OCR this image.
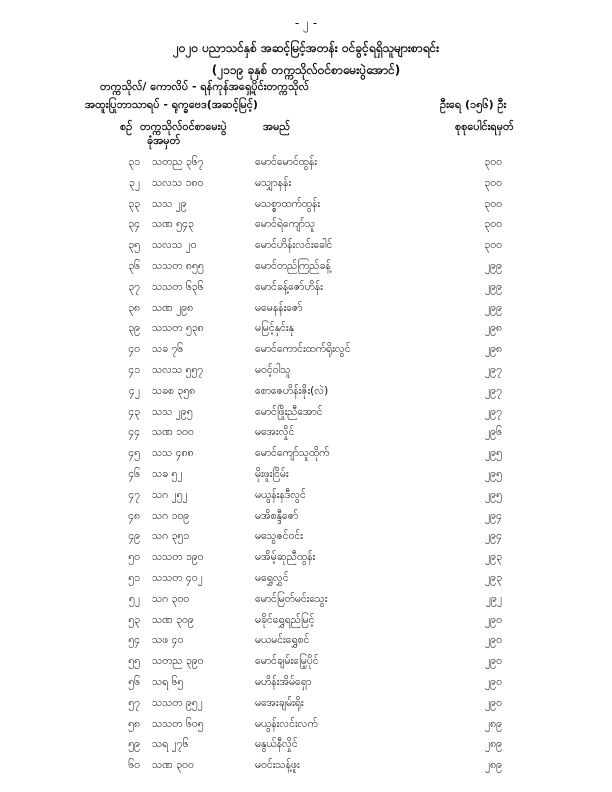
- ၂ -
၂၀၂၀ ပညာသင်နှစ် အဆင့်မြင့်အတန်း ဝင်ခွင့်ရရှိသူများစာရင်း
(၂၁၁၉ ခုနှစ် တက္ကသိုလ်ဝင်စာမေးပွဲအောင်)
တက္ကသိုလ်/ ကောလိပ် - ရန်ကုန်အရှေ့ပိုင်းတက္ကသိုလ်
အထူးပြုဘာသာရပ် - ရုက္ခဗေဒ(အဆင့်မြင့်)	ဦးရေ (၁၅၆) ဦး
စဉ် တက္ကသိုလ်ဝင်စာမေးပွဲ
ခုံအမှတ်
အမည်	စုစုပေါင်းရမှတ်
၃၁ သတည ၃၆၇	မောင်မောင်ထွန်း	၃၀၀
၃၂ သလသ ၁၈၀	မသျှာနန်း	၃၀၀
၃၃ သသ ၂၉	မသစ္စာထက်ထွန်း	၃၀၀
၃၄ သဏ ၅၄၃	မောင်ရဲကျော်သူ	၃၀၀
၃၅ သလသ ၂၀	မောင်ဟိန်းလင်းခေါင်	၃၀၀
၃၆ သသတ ၈၅၅	မောင်တည်ကြည်ခန့်	၂၉၉
၃၇ သသတ ၆၃၆	မောင်ခန့်ဇော်ဟိန်း	၂၉၉
၃၈ သဏ ၂၉၈	မမေနန်းဇော်	၂၉၉
၃၉ သသတ ၅၃၈	မမြင့်နှင်းနု	၂၉၈
၄၀ သခ ၇၆	မောင်ကောင်းထက်ရိုးလွင်	၂၉၈
၄၁ သလသ ၅၅၇	မဝင့်ဝါသူ	၂၉၇
၄၂ သခစ ၃၅၈	စောဇေဟိန်းဇိုး(လဲ)	၂၉၇
၄၃ သသ ၂၉၅	မောင်ဖြိုးညီအောင်	၂၉၇
၄၄ သဏ ၁၀၀	မအေးလှိုင်	၂၉၆
၄၅ သသ ၄၈၈	မောင်ကျော်သူထိုက်	၂၉၅
၄၆ သခ ၅၂	မိုးဖူးငြိမ်း	၂၉၅
၄၇ သဂ ၂၅၂	မယွန်းနဒီလွင်	၂၉၅
၄၈ သဂ ၁၀၉	မအိစန္ဒီဇော်	၂၉၄
၄၉ သဂ ၃၅၁	မသွေဇင်ဝင်း	၂၉၄
၅၀ သသတ ၁၉၀	မအိမ့်ဆုညီထွန်း	၂၉၃
၅၁ သသတ ၄၀၂	မရွှေလွှင်	၂၉၃
၅၂ သဂ ၃၀၀	မောင်မြတ်မင်းသွေး	၂၉၂
၅၃ သဏ ၃၀၉	မခိုင်ရွှေရည်မြင့်	၂၉၀
၅၄ သဖ ၄၀	မယမင်းရွှေစင်	၂၉၀
၅၅ သတည ၃၉၀	မောင်ချမ်းမြေ့ပိုင်	၂၉၀
၅၆ သရ ၆၅	မဟိန်းအိမ်ရှော	၂၉၀
၅၇ သသတ ၉၅၂	မအေးချမ်းရိုး	၂၉၀
၅၈ သသတ ၆၀၅	မယွန်းလင်းလက်	၂၈၉
၅၉ သရ ၂၇၆	မနွယ်နီလှိုင်	၂၈၉
၆၀ သဏ ၃၀၀	မဝင်းသန့်ဖူး	၂၈၉
